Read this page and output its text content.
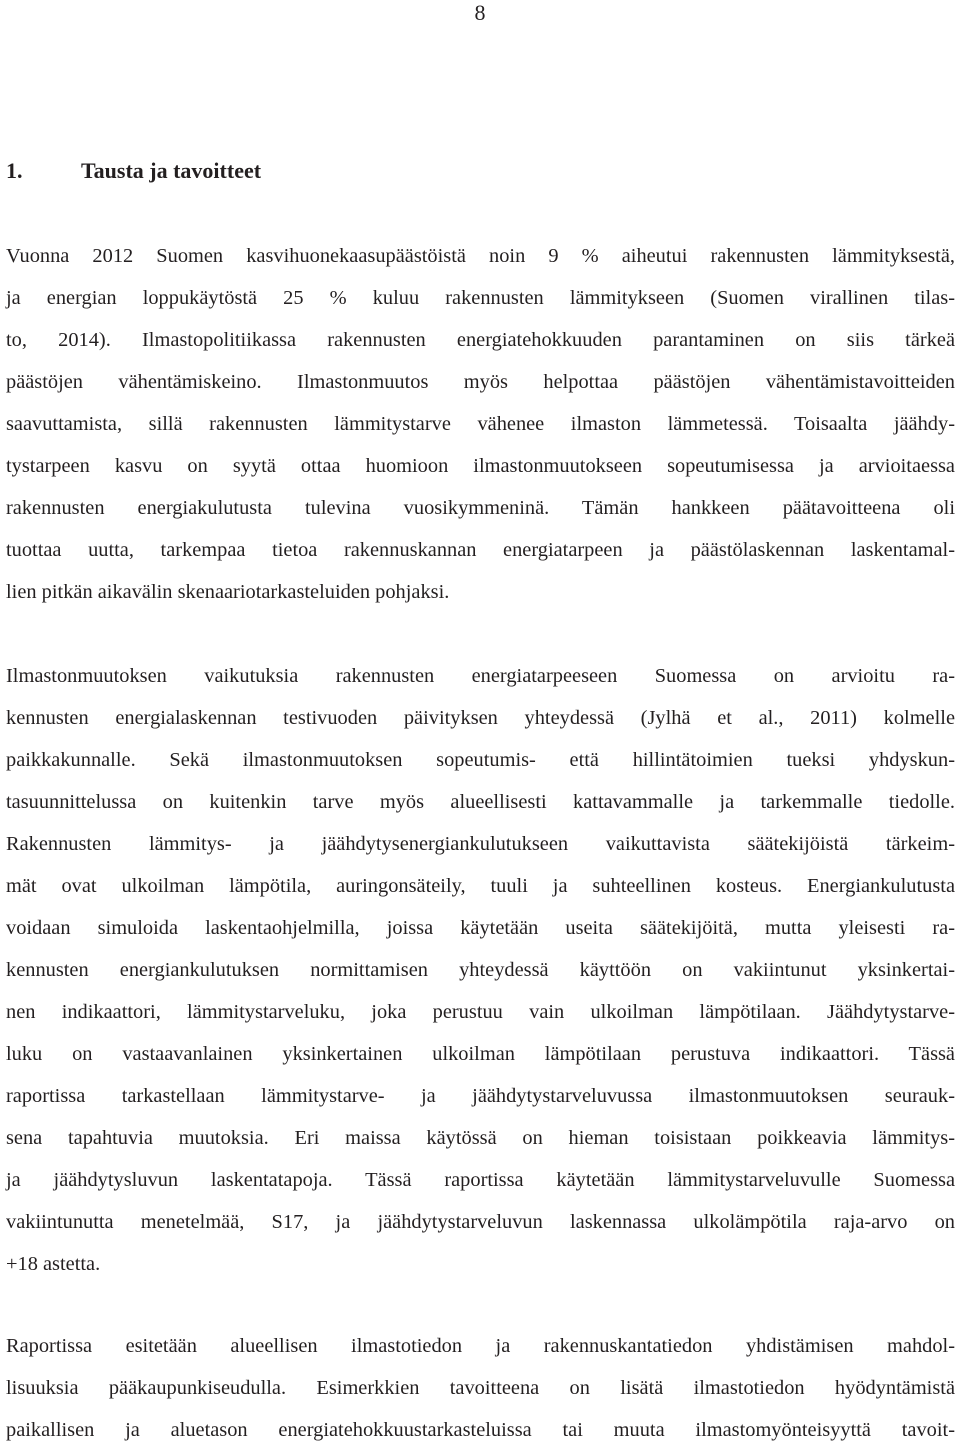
8
1.	Tausta ja tavoitteet
Vuonna 2012 Suomen kasvihuonekaasupäästöistä noin 9 % aiheutui rakennusten lämmityksestä,
ja energian loppukäytöstä 25 % kuluu rakennusten lämmitykseen (Suomen virallinen tilas-
to, 2014). Ilmastopolitiikassa rakennusten energiatehokkuuden parantaminen on siis tärkeä
päästöjen vähentämiskeino. Ilmastonmuutos myös helpottaa päästöjen vähentämistavoitteiden
saavuttamista, sillä rakennusten lämmitystarve vähenee ilmaston lämmetessä. Toisaalta jäähdy-
tystarpeen kasvu on syytä ottaa huomioon ilmastonmuutokseen sopeutumisessa ja arvioitaessa
rakennusten energiakulutusta tulevina vuosikymmeninä. Tämän hankkeen päätavoitteena oli
tuottaa uutta, tarkempaa tietoa rakennuskannan energiatarpeen ja päästölaskennan laskentamal-
lien pitkän aikavälin skenaariotarkasteluiden pohjaksi.
Ilmastonmuutoksen vaikutuksia rakennusten energiatarpeeseen Suomessa on arvioitu ra-
kennusten energialaskennan testivuoden päivityksen yhteydessä (Jylhä et al., 2011) kolmelle
paikkakunnalle. Sekä ilmastonmuutoksen sopeutumis- että hillintätoimien tueksi yhdyskun-
tasuunnittelussa on kuitenkin tarve myös alueellisesti kattavammalle ja tarkemmalle tiedolle.
Rakennusten lämmitys- ja jäähdytysenergiankulutukseen vaikuttavista säätekijöistä tärkeim-
mät ovat ulkoilman lämpötila, auringonsäteily, tuuli ja suhteellinen kosteus. Energiankulutusta
voidaan simuloida laskentaohjelmilla, joissa käytetään useita säätekijöitä, mutta yleisesti ra-
kennusten energiankulutuksen normittamisen yhteydessä käyttöön on vakiintunut yksinkertai-
nen indikaattori, lämmitystarveluku, joka perustuu vain ulkoilman lämpötilaan. Jäähdytystarve-
luku on vastaavanlainen yksinkertainen ulkoilman lämpötilaan perustuva indikaattori. Tässä
raportissa tarkastellaan lämmitystarve- ja jäähdytystarveluvussa ilmastonmuutoksen seurauk-
sena tapahtuvia muutoksia. Eri maissa käytössä on hieman toisistaan poikkeavia lämmitys-
ja jäähdytysluvun laskentatapoja. Tässä raportissa käytetään lämmitystarveluvulle Suomessa
vakiintunutta menetelmää, S17, ja jäähdytystarveluvun laskennassa ulkolämpötila raja-arvo on
+18 astetta.
Raportissa esitetään alueellisen ilmastotiedon ja rakennuskantatiedon yhdistämisen mahdol-
lisuuksia pääkaupunkiseudulla. Esimerkkien tavoitteena on lisätä ilmastotiedon hyödyntämistä
paikallisen ja aluetason energiatehokkuustarkasteluissa tai muuta ilmastomyönteisyyttä tavoit-
